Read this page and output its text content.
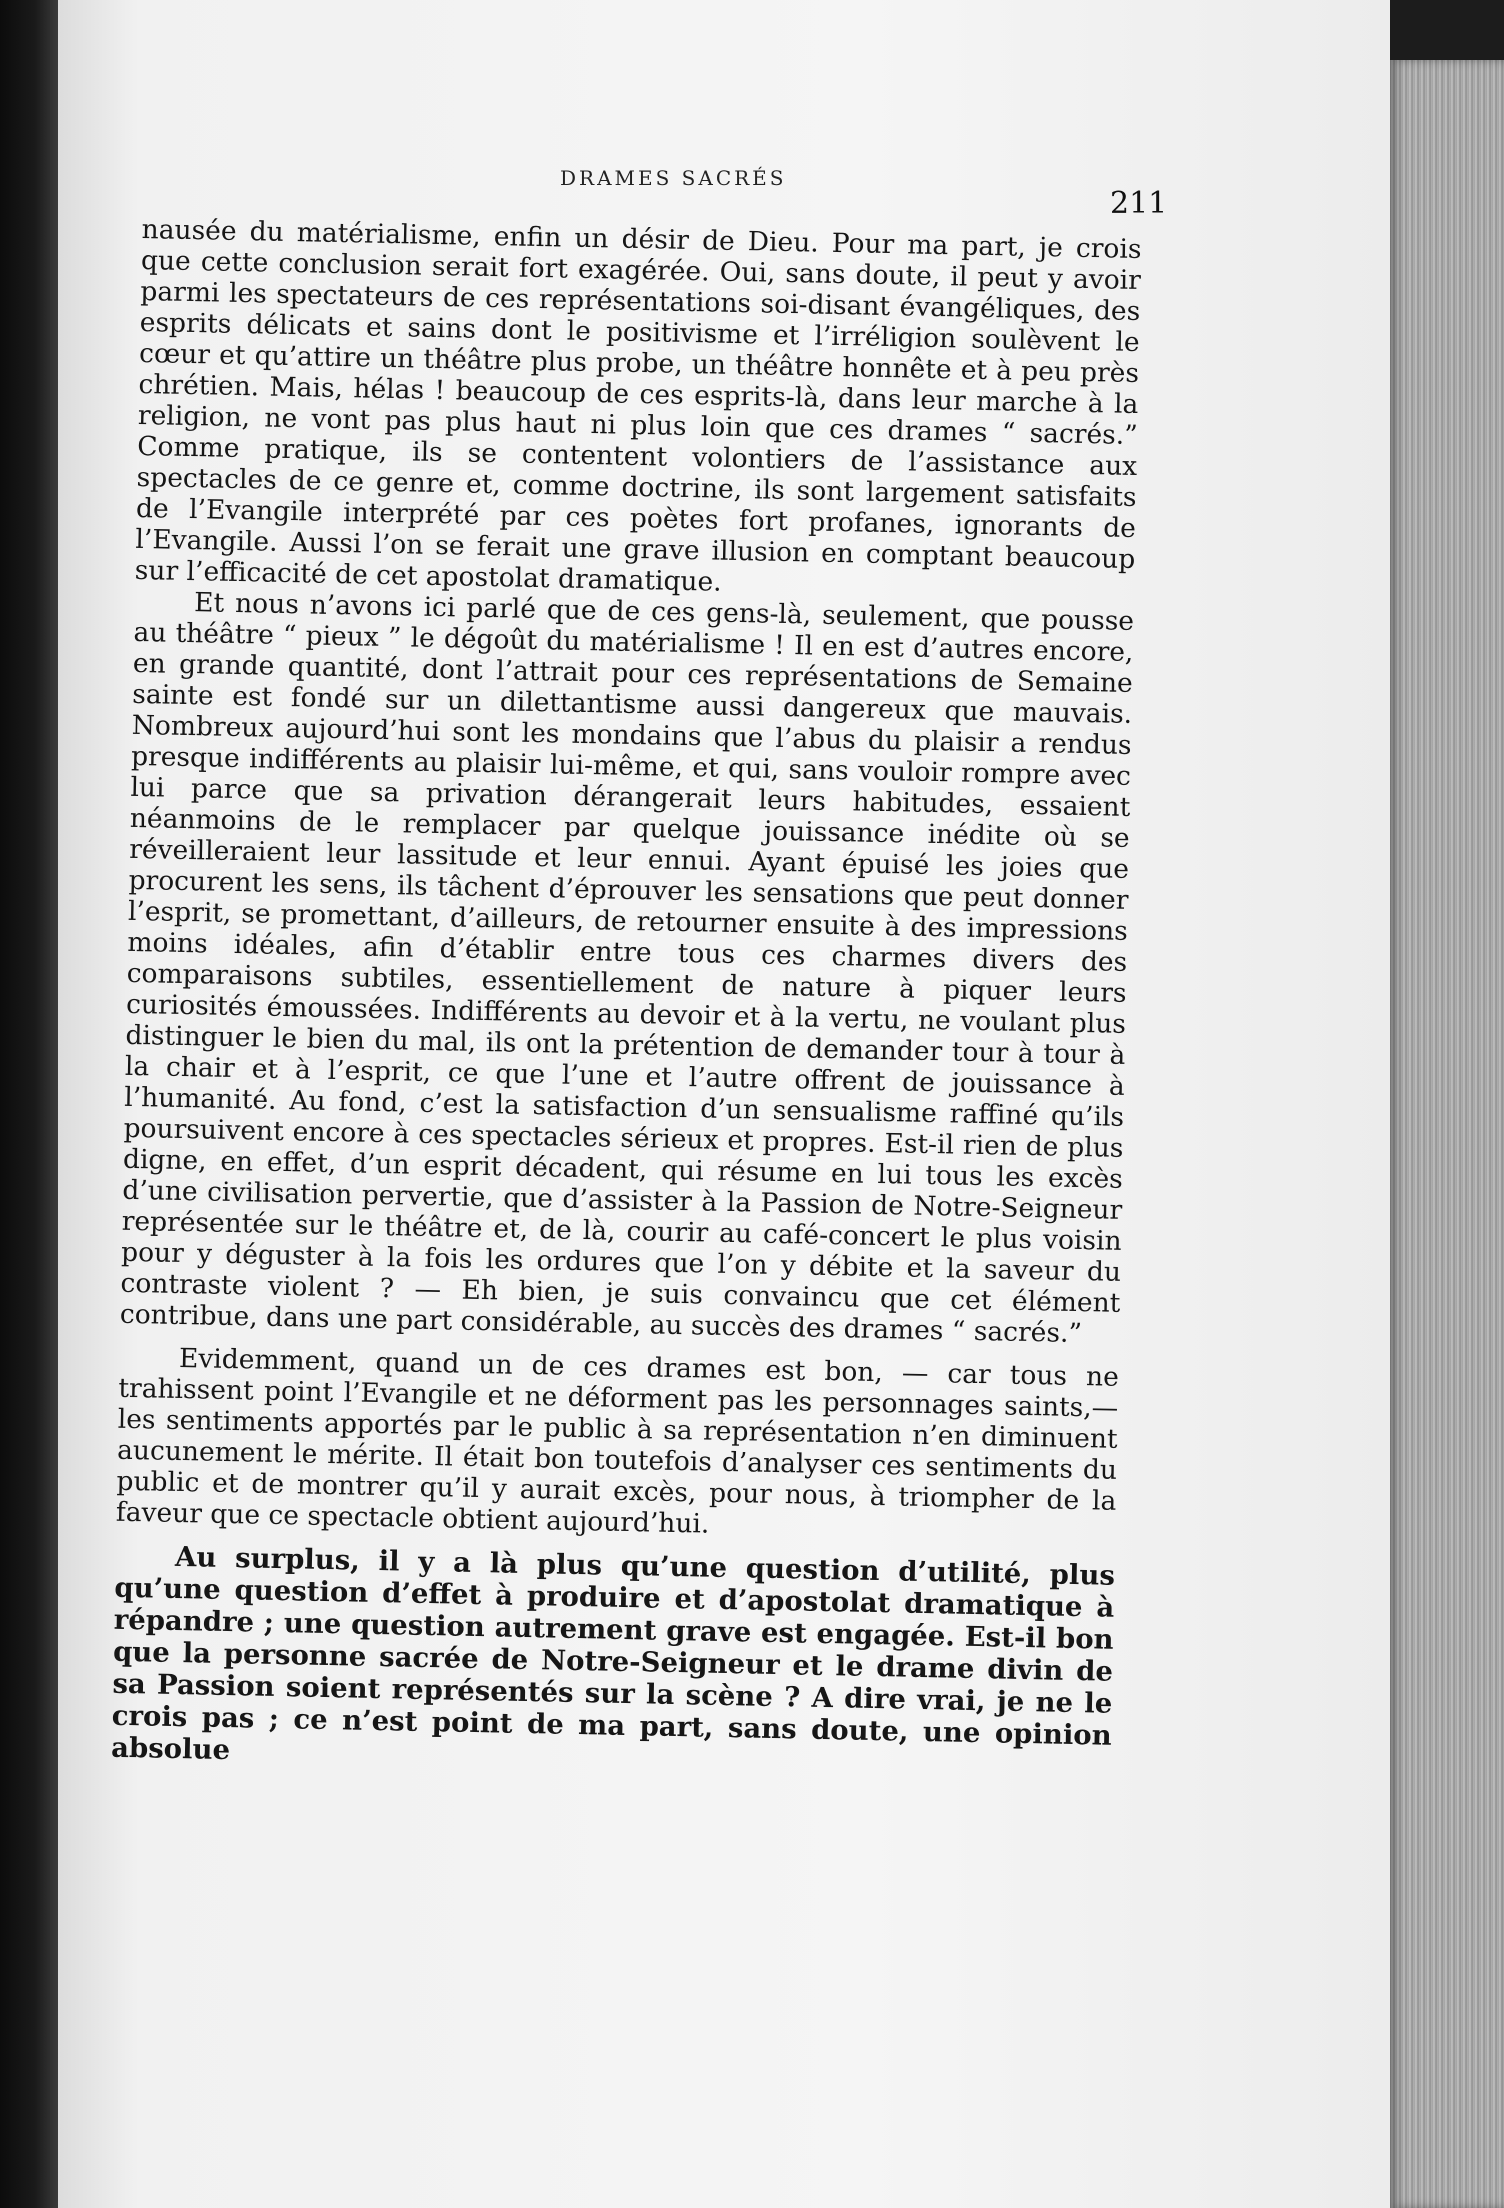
DRAMES SACRÉS
211

nausée du matérialisme, enfin un désir de Dieu. Pour ma part, je crois que cette conclusion serait fort exagérée. Oui, sans doute, il peut y avoir parmi les spectateurs de ces représentations soi-disant évangéliques, des esprits délicats et sains dont le positivisme et l’irréligion soulèvent le cœur et qu’attire un théâtre plus probe, un théâtre honnête et à peu près chrétien. Mais, hélas ! beaucoup de ces esprits-là, dans leur marche à la religion, ne vont pas plus haut ni plus loin que ces drames “ sacrés.” Comme pratique, ils se contentent volontiers de l’assistance aux spectacles de ce genre et, comme doctrine, ils sont largement satisfaits de l’Evangile interprété par ces poètes fort profanes, ignorants de l’Evangile. Aussi l’on se ferait une grave illusion en comptant beaucoup sur l’efficacité de cet apostolat dramatique.

Et nous n’avons ici parlé que de ces gens-là, seulement, que pousse au théâtre “ pieux ” le dégoût du matérialisme ! Il en est d’autres encore, en grande quantité, dont l’attrait pour ces représentations de Semaine sainte est fondé sur un dilettantisme aussi dangereux que mauvais. Nombreux aujourd’hui sont les mondains que l’abus du plaisir a rendus presque indifférents au plaisir lui-même, et qui, sans vouloir rompre avec lui parce que sa privation dérangerait leurs habitudes, essaient néanmoins de le remplacer par quelque jouissance inédite où se réveilleraient leur lassitude et leur ennui. Ayant épuisé les joies que procurent les sens, ils tâchent d’éprouver les sensations que peut donner l’esprit, se promettant, d’ailleurs, de retourner ensuite à des impressions moins idéales, afin d’établir entre tous ces charmes divers des comparaisons subtiles, essentiellement de nature à piquer leurs curiosités émoussées. Indifférents au devoir et à la vertu, ne voulant plus distinguer le bien du mal, ils ont la prétention de demander tour à tour à la chair et à l’esprit, ce que l’une et l’autre offrent de jouissance à l’humanité. Au fond, c’est la satisfaction d’un sensualisme raffiné qu’ils poursuivent encore à ces spectacles sérieux et propres. Est-il rien de plus digne, en effet, d’un esprit décadent, qui résume en lui tous les excès d’une civilisation pervertie, que d’assister à la Passion de Notre-Seigneur représentée sur le théâtre et, de là, courir au café-concert le plus voisin pour y déguster à la fois les ordures que l’on y débite et la saveur du contraste violent ? — Eh bien, je suis convaincu que cet élément contribue, dans une part considérable, au succès des drames “ sacrés.”

Evidemment, quand un de ces drames est bon, — car tous ne trahissent point l’Evangile et ne déforment pas les personnages saints,—les sentiments apportés par le public à sa représentation n’en diminuent aucunement le mérite. Il était bon toutefois d’analyser ces sentiments du public et de montrer qu’il y aurait excès, pour nous, à triompher de la faveur que ce spectacle obtient aujourd’hui.

Au surplus, il y a là plus qu’une question d’utilité, plus qu’une question d’effet à produire et d’apostolat dramatique à répandre ; une question autrement grave est engagée. Est-il bon que la personne sacrée de Notre-Seigneur et le drame divin de sa Passion soient représentés sur la scène ? A dire vrai, je ne le crois pas ; ce n’est point de ma part, sans doute, une opinion absolue
